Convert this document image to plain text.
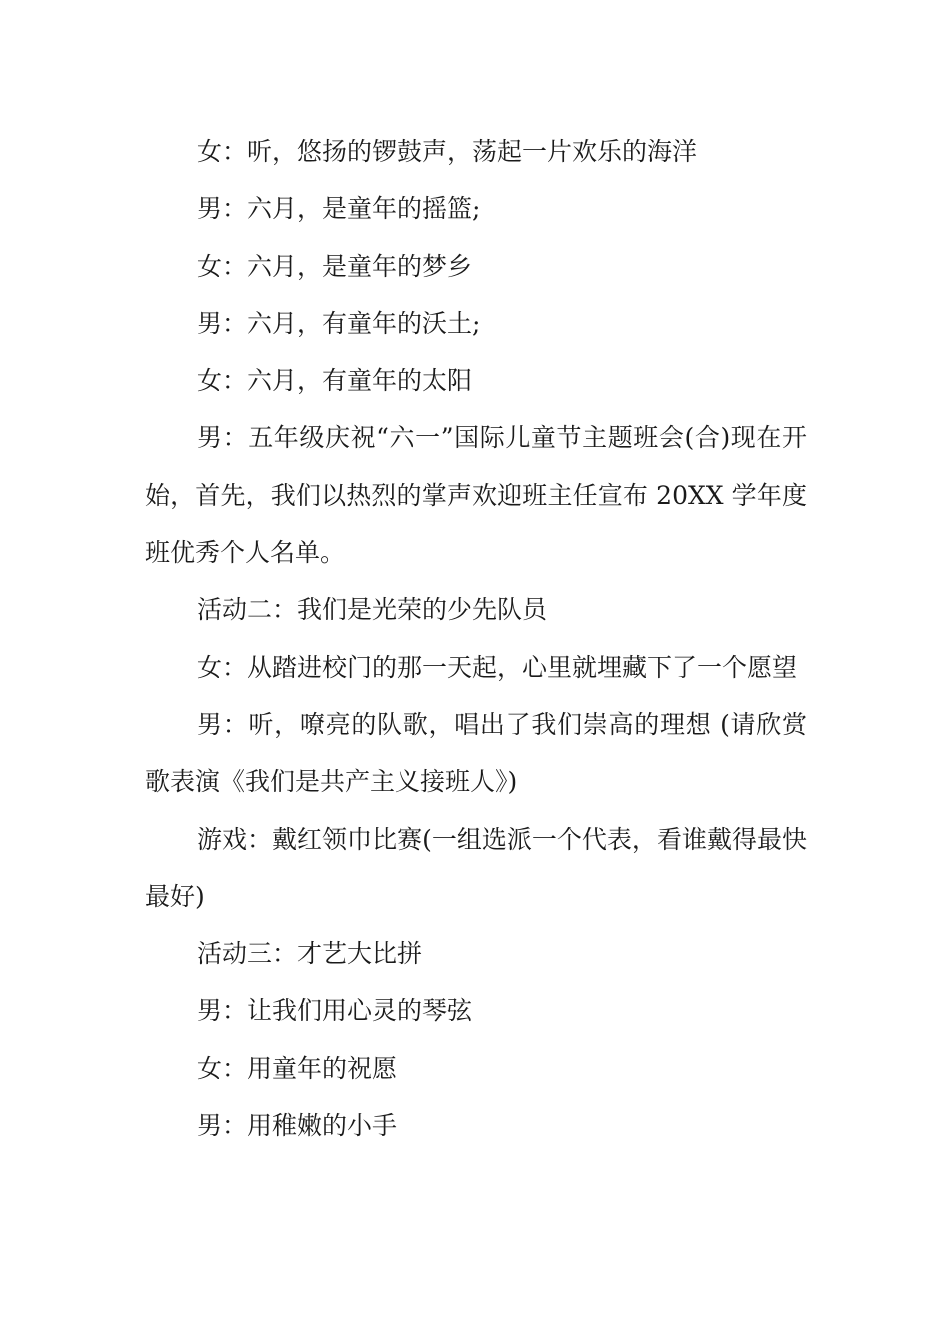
女：听，悠扬的锣鼓声，荡起一片欢乐的海洋

男：六月，是童年的摇篮;

女：六月，是童年的梦乡

男：六月，有童年的沃土;

女：六月，有童年的太阳

男：五年级庆祝“六一”国际儿童节主题班会(合)现在开始，首先，我们以热烈的掌声欢迎班主任宣布 20XX 学年度班优秀个人名单。

活动二：我们是光荣的少先队员

女：从踏进校门的那一天起，心里就埋藏下了一个愿望

男：听，嘹亮的队歌，唱出了我们崇高的理想 (请欣赏歌表演《我们是共产主义接班人》)

游戏：戴红领巾比赛(一组选派一个代表，看谁戴得最快最好)

活动三：才艺大比拼

男：让我们用心灵的琴弦

女：用童年的祝愿

男：用稚嫩的小手
